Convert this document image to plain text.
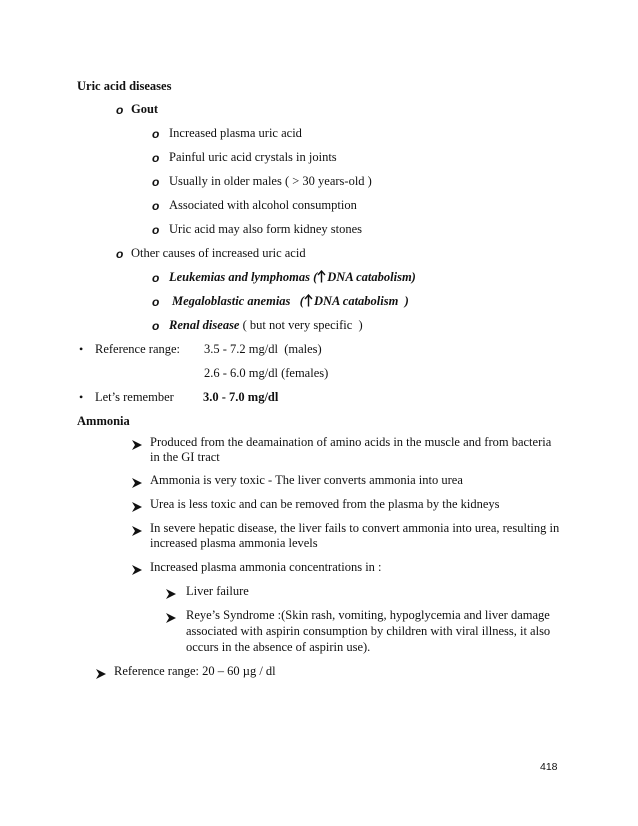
Uric acid diseases
o Gout
o Increased plasma uric acid
o Painful uric acid crystals in joints
o Usually in older males ( > 30 years-old )
o Associated with alcohol consumption
o Uric acid may also form kidney stones
o Other causes of increased uric acid
o Leukemias and lymphomas ( DNA catabolism)
o Megaloblastic anemias   ( DNA catabolism  )
o Renal disease ( but not very specific  )
• Reference range: 3.5 - 7.2 mg/dl  (males)
2.6 - 6.0 mg/dl (females)
• Let’s remember 3.0 - 7.0 mg/dl
Ammonia
Produced from the deamaination of amino acids in the muscle and from bacteria
in the GI tract
Ammonia is very toxic - The liver converts ammonia into urea
Urea is less toxic and can be removed from the plasma by the kidneys
In severe hepatic disease, the liver fails to convert ammonia into urea, resulting in
increased plasma ammonia levels
Increased plasma ammonia concentrations in :
Liver failure
Reye’s Syndrome :(Skin rash, vomiting, hypoglycemia and liver damage
associated with aspirin consumption by children with viral illness, it also
occurs in the absence of aspirin use).
Reference range: 20 – 60 µg / dl
418
